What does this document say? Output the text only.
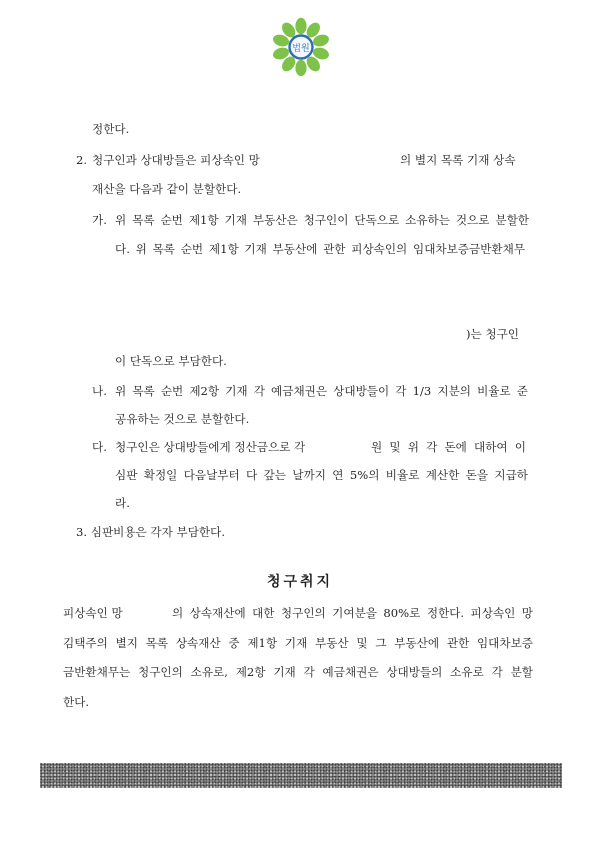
법원
정한다.
2. 청구인과 상대방들은 피상속인 망	의 별지 목록 기재 상속
재산을 다음과 같이 분할한다.
가. 위 목록 순번 제1항 기재 부동산은 청구인이 단독으로 소유하는 것으로 분할한
다. 위 목록 순번 제1항 기재 부동산에 관한 피상속인의 임대차보증금반환채무
)는 청구인
이 단독으로 부담한다.
나. 위 목록 순번 제2항 기재 각 예금채권은 상대방들이 각 1/3 지분의 비율로 준
공유하는 것으로 분할한다.
다. 청구인은 상대방들에게 정산금으로 각	원 및 위 각 돈에 대하여 이
심판 확정일 다음날부터 다 갚는 날까지 연 5%의 비율로 계산한 돈을 지급하
라.
3. 심판비용은 각자 부담한다.
청구취지
피상속인 망	의 상속재산에 대한 청구인의 기여분을 80%로 정한다. 피상속인 망
김택주의 별지 목록 상속재산 중 제1항 기재 부동산 및 그 부동산에 관한 임대차보증
금반환채무는 청구인의 소유로, 제2항 기재 각 예금채권은 상대방들의 소유로 각 분할
한다.
